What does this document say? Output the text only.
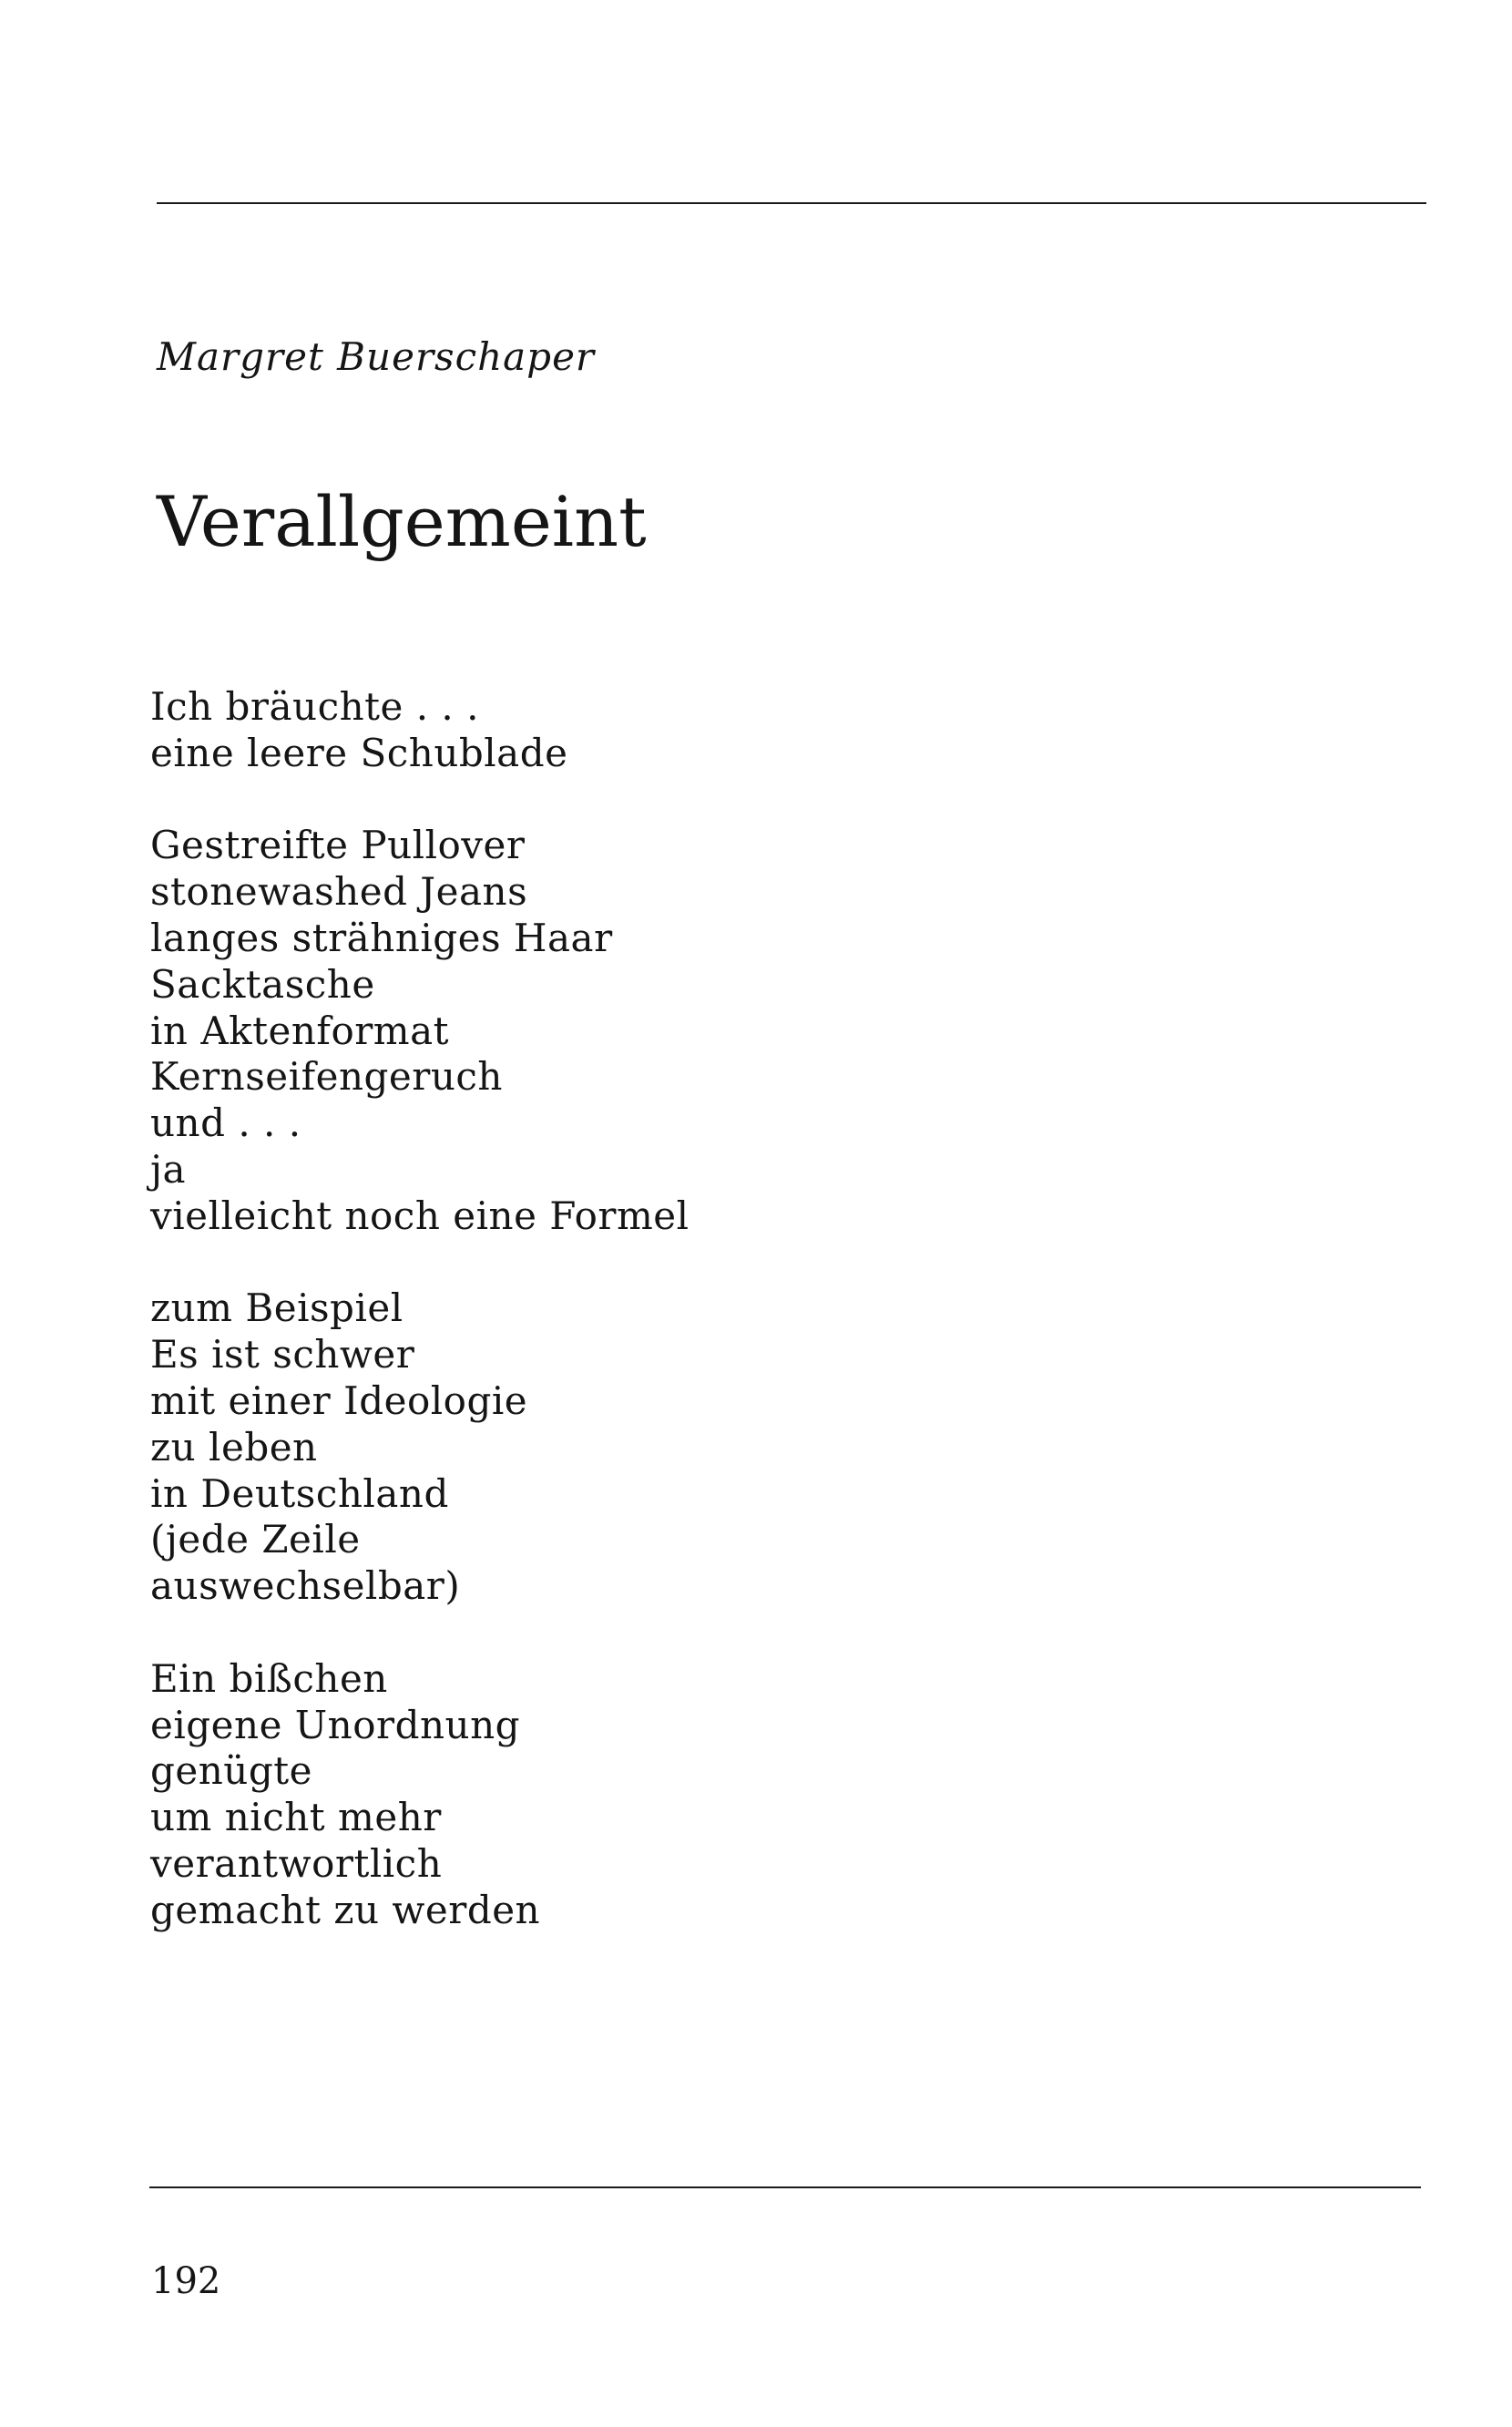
Margret Buerschaper
Verallgemeint
Ich bräuchte . . .
eine leere Schublade
Gestreifte Pullover
stonewashed Jeans
langes strähniges Haar
Sacktasche
in Aktenformat
Kernseifengeruch
und . . .
ja
vielleicht noch eine Formel
zum Beispiel
Es ist schwer
mit einer Ideologie
zu leben
in Deutschland
(jede Zeile
auswechselbar)
Ein bißchen
eigene Unordnung
genügte
um nicht mehr
verantwortlich
gemacht zu werden
192
